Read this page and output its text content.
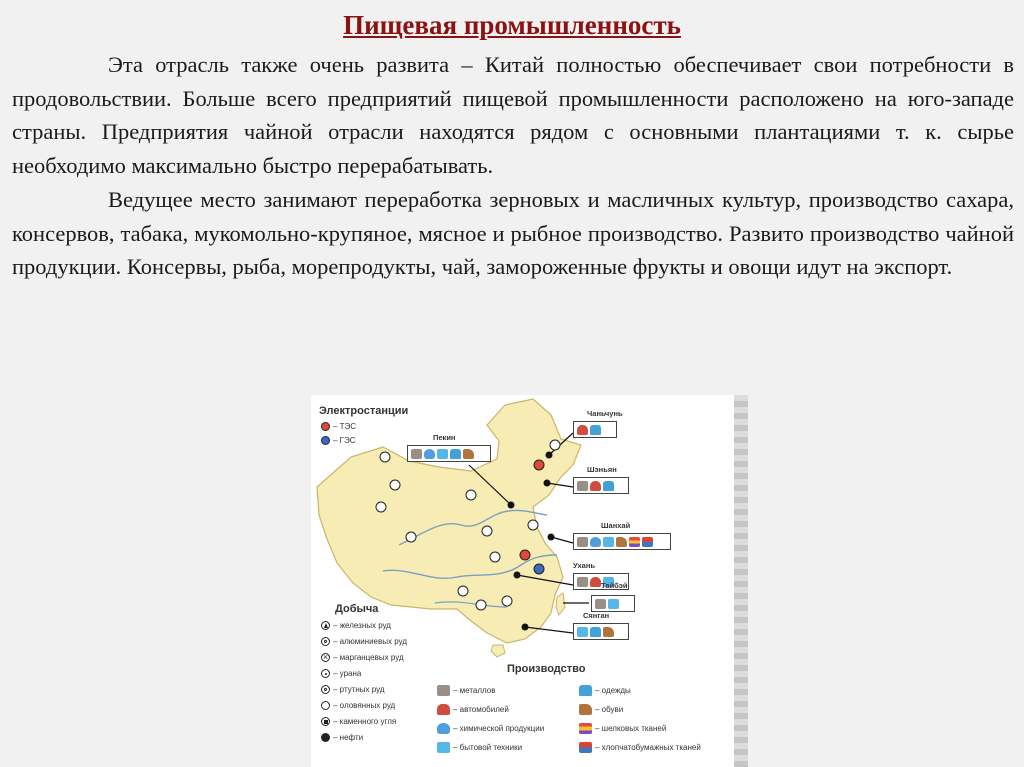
Пищевая промышленность

Эта отрасль также очень развита – Китай полностью обеспечивает свои потребности в продовольствии. Больше всего предприятий пищевой промышленности расположено на юго-западе страны. Предприятия чайной отрасли находятся рядом с основными плантациями т. к. сырье необходимо максимально быстро перерабатывать.

Ведущее место занимают переработка зерновых и масличных культур, производство сахара, консервов, табака, мукомольно-крупяное, мясное и рыбное производство. Развито производство чайной продукции. Консервы, рыба, морепродукты, чай, замороженные фрукты и овощи идут на экспорт.

Электростанции
– ТЭС
– ГЭС
Добыча
– железных руд
– алюминиевых руд
×
– марганцевых руд
– урана
– ртутных руд
– оловянных руд
– каменного угля
– нефти
Производство
– металлов
– автомобилей
– химической продукции
– бытовой техники
– одежды
– обуви
– шелковых тканей
– хлопчатобумажных тканей
Пекин
Чаньчунь
Шэньян
Шанхай
Ухань
Тайбэй
Сянган
